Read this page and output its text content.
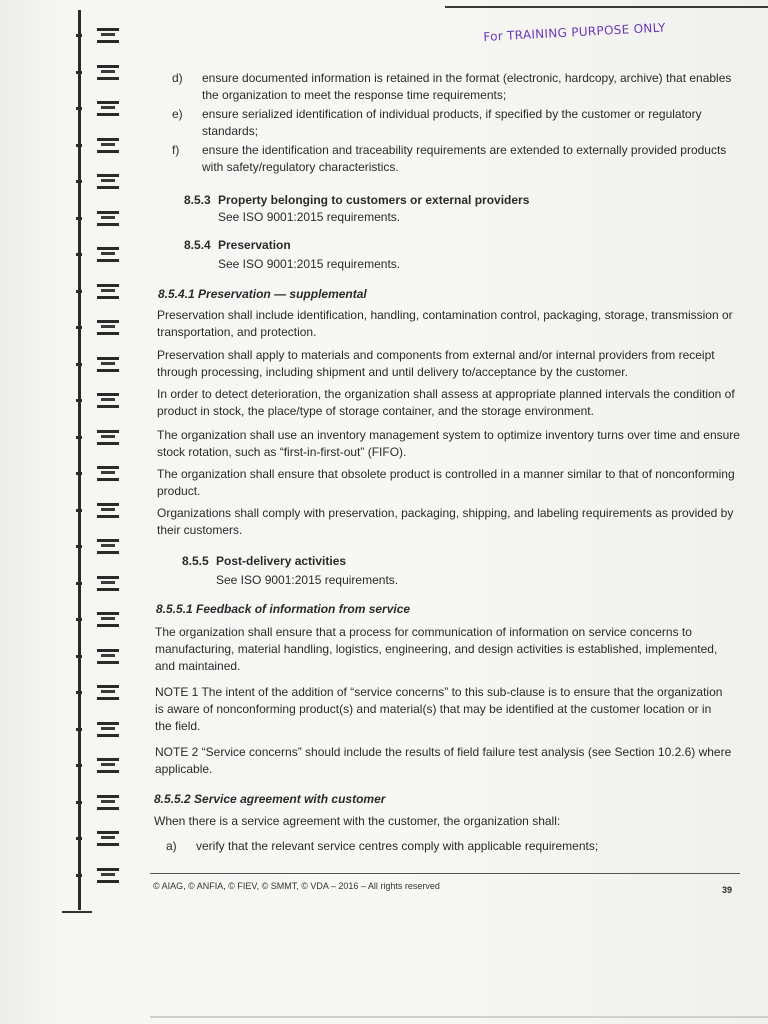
For TRAINING PURPOSE ONLY
d) ensure documented information is retained in the format (electronic, hardcopy, archive) that enables the organization to meet the response time requirements;
e) ensure serialized identification of individual products, if specified by the customer or regulatory standards;
f) ensure the identification and traceability requirements are extended to externally provided products with safety/regulatory characteristics.
8.5.3 Property belonging to customers or external providers
See ISO 9001:2015 requirements.
8.5.4 Preservation
See ISO 9001:2015 requirements.
8.5.4.1 Preservation — supplemental
Preservation shall include identification, handling, contamination control, packaging, storage, transmission or transportation, and protection.
Preservation shall apply to materials and components from external and/or internal providers from receipt through processing, including shipment and until delivery to/acceptance by the customer.
In order to detect deterioration, the organization shall assess at appropriate planned intervals the condition of product in stock, the place/type of storage container, and the storage environment.
The organization shall use an inventory management system to optimize inventory turns over time and ensure stock rotation, such as “first-in-first-out” (FIFO).
The organization shall ensure that obsolete product is controlled in a manner similar to that of nonconforming product.
Organizations shall comply with preservation, packaging, shipping, and labeling requirements as provided by their customers.
8.5.5 Post-delivery activities
See ISO 9001:2015 requirements.
8.5.5.1 Feedback of information from service
The organization shall ensure that a process for communication of information on service concerns to manufacturing, material handling, logistics, engineering, and design activities is established, implemented, and maintained.
NOTE 1 The intent of the addition of “service concerns” to this sub-clause is to ensure that the organization is aware of nonconforming product(s) and material(s) that may be identified at the customer location or in the field.
NOTE 2 “Service concerns” should include the results of field failure test analysis (see Section 10.2.6) where applicable.
8.5.5.2 Service agreement with customer
When there is a service agreement with the customer, the organization shall:
a) verify that the relevant service centres comply with applicable requirements;
© AIAG, © ANFIA, © FIEV, © SMMT, © VDA – 2016 – All rights reserved	39
